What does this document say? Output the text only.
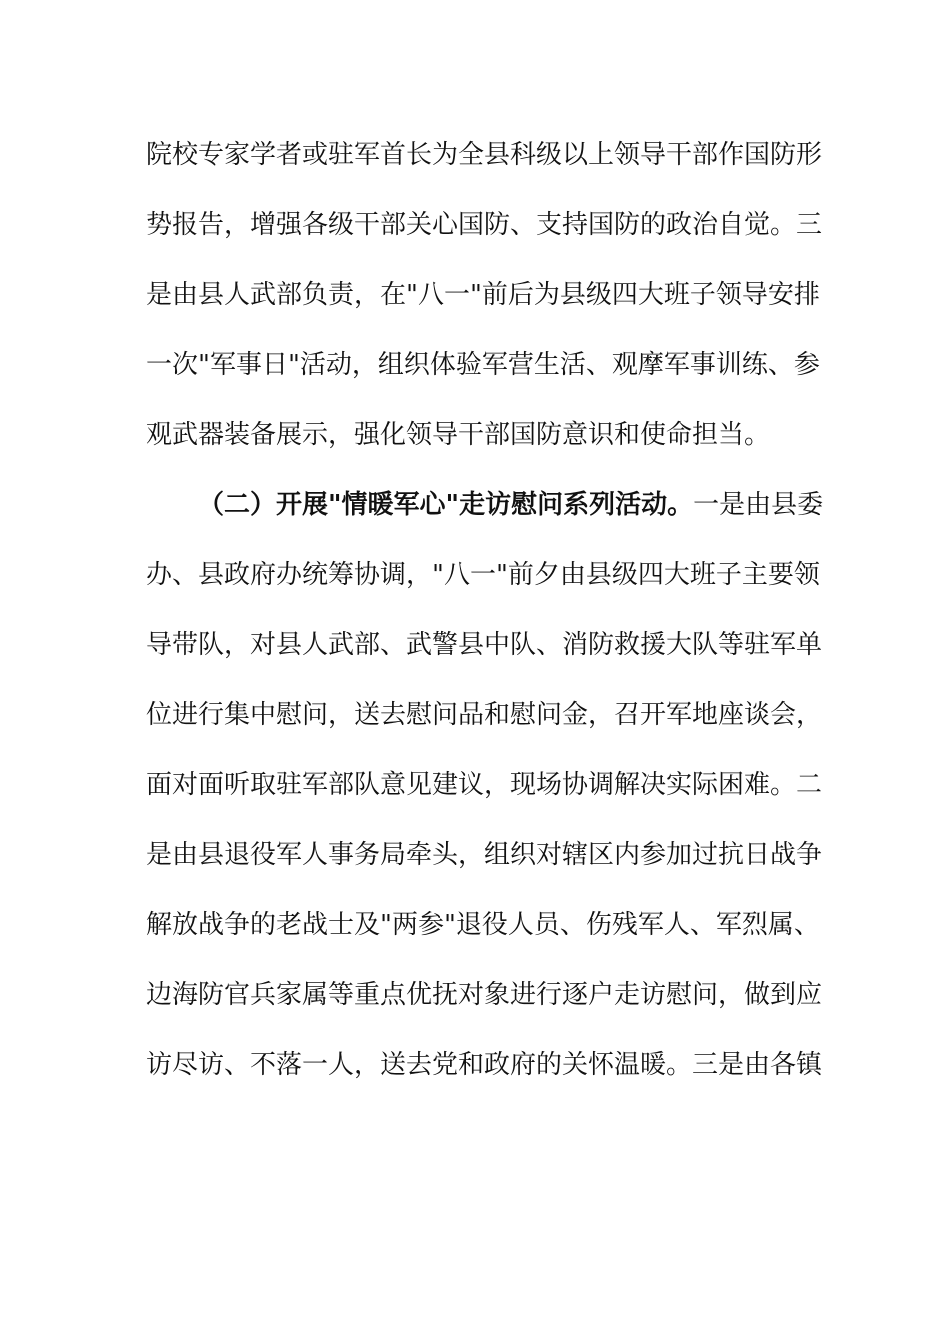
院校专家学者或驻军首长为全县科级以上领导干部作国防形
势报告，增强各级干部关心国防、支持国防的政治自觉。三
是由县人武部负责，在"八一"前后为县级四大班子领导安排
一次"军事日"活动，组织体验军营生活、观摩军事训练、参
观武器装备展示，强化领导干部国防意识和使命担当。
（二）开展"情暖军心"走访慰问系列活动。一是由县委
办、县政府办统筹协调，"八一"前夕由县级四大班子主要领
导带队，对县人武部、武警县中队、消防救援大队等驻军单
位进行集中慰问，送去慰问品和慰问金，召开军地座谈会，
面对面听取驻军部队意见建议，现场协调解决实际困难。二
是由县退役军人事务局牵头，组织对辖区内参加过抗日战争
解放战争的老战士及"两参"退役人员、伤残军人、军烈属、
边海防官兵家属等重点优抚对象进行逐户走访慰问，做到应
访尽访、不落一人，送去党和政府的关怀温暖。三是由各镇
